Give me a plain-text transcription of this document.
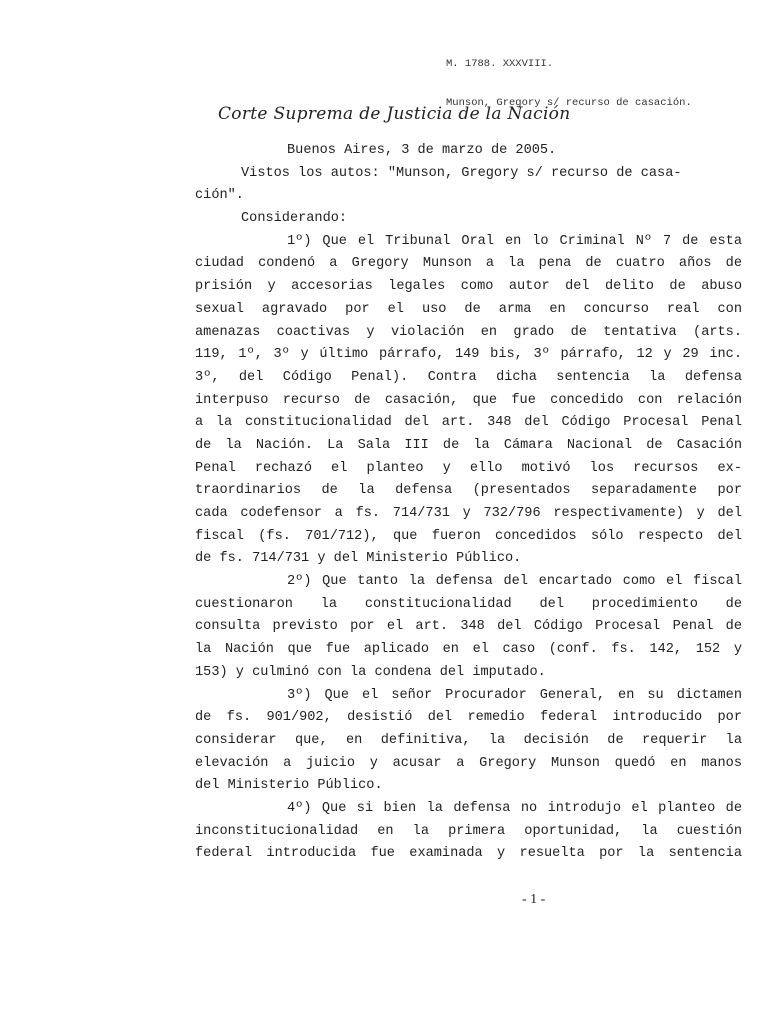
M. 1788. XXXVIII.

Munson, Gregory s/ recurso de casación.

Corte Suprema de Justicia de la Nación
Buenos Aires, 3 de marzo de 2005.
Vistos los autos: "Munson, Gregory s/ recurso de casa-
ción".
Considerando:
1º) Que el Tribunal Oral en lo Criminal Nº 7 de esta
ciudad condenó a Gregory Munson a la pena de cuatro años de
prisión y accesorias legales como autor del delito de abuso
sexual agravado por el uso de arma en concurso real con
amenazas coactivas y violación en grado de tentativa (arts.
119, 1º, 3º y último párrafo, 149 bis, 3º párrafo, 12 y 29 inc.
3º, del Código Penal). Contra dicha sentencia la defensa
interpuso recurso de casación, que fue concedido con relación
a la constitucionalidad del art. 348 del Código Procesal Penal
de la Nación. La Sala III de la Cámara Nacional de Casación
Penal rechazó el planteo y ello motivó los recursos ex-
traordinarios de la defensa (presentados separadamente por
cada codefensor a fs. 714/731 y 732/796 respectivamente) y del
fiscal (fs. 701/712), que fueron concedidos sólo respecto del
de fs. 714/731 y del Ministerio Público.
2º) Que tanto la defensa del encartado como el fiscal
cuestionaron la constitucionalidad del procedimiento de
consulta previsto por el art. 348 del Código Procesal Penal de
la Nación que fue aplicado en el caso (conf. fs. 142, 152 y
153) y culminó con la condena del imputado.
3º) Que el señor Procurador General, en su dictamen
de fs. 901/902, desistió del remedio federal introducido por
considerar que, en definitiva, la decisión de requerir la
elevación a juicio y acusar a Gregory Munson quedó en manos
del Ministerio Público.
4º) Que si bien la defensa no introdujo el planteo de
inconstitucionalidad en la primera oportunidad, la cuestión
federal introducida fue examinada y resuelta por la sentencia
- 1 -
